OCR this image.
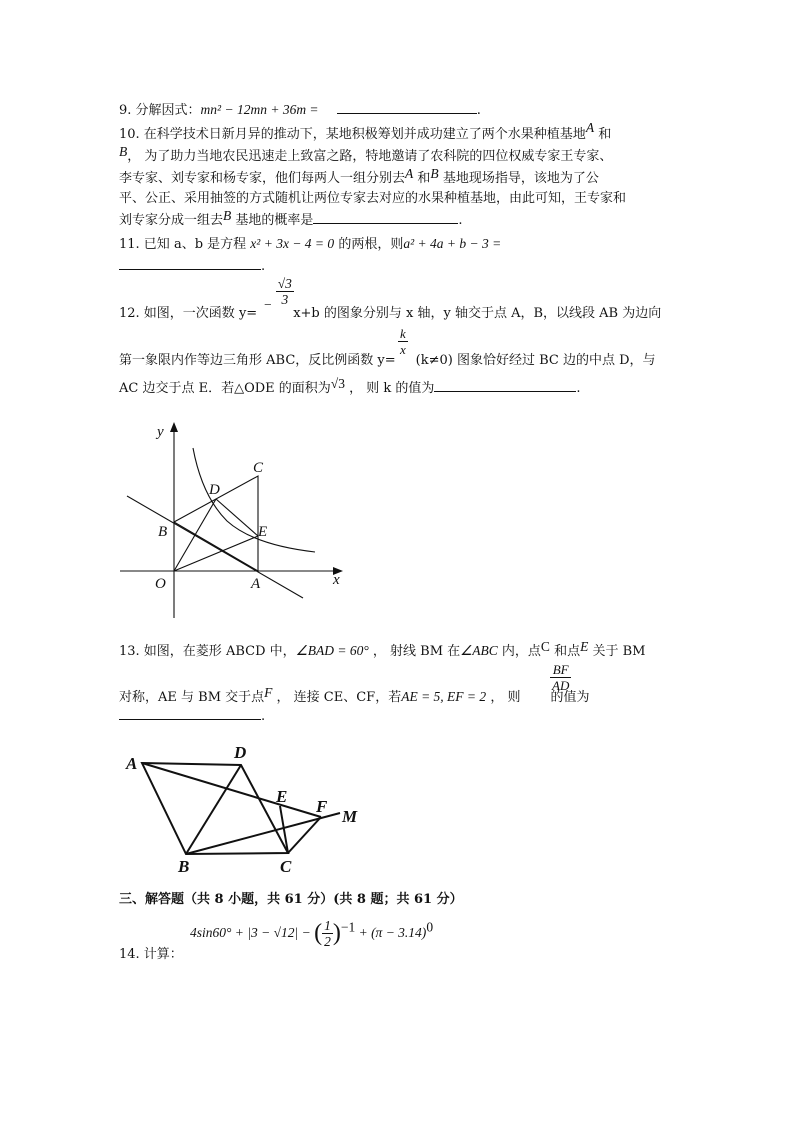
9. 分解因式：mn² − 12mn + 36m =	.
10. 在科学技术日新月异的推动下，某地积极筹划并成功建立了两个水果种植基地A 和
B， 为了助力当地农民迅速走上致富之路，特地邀请了农科院的四位权威专家王专家、
李专家、刘专家和杨专家，他们每两人一组分别去A 和B 基地现场指导，该地为了公
平、公正、采用抽签的方式随机让两位专家去对应的水果种植基地，由此可知，王专家和
刘专家分成一组去B 基地的概率是	.
11. 已知 a、b 是方程 x² + 3x − 4 = 0 的两根，则a² + 4a + b − 3 =
.
− $\frac{√3}{3}$
12. 如图，一次函数 y=	x+b 的图象分别与 x 轴，y 轴交于点 A，B，以线段 AB 为边向
$\frac{k}{x}$
第一象限内作等边三角形 ABC，反比例函数 y= (k≠0) 图象恰好经过 BC 边的中点 D，与
AC 边交于点 E．若△ODE 的面积为√3 ， 则 k 的值为	.
y
x
O	A
B
C
D
E
13. 如图，在菱形 ABCD 中，∠BAD = 60° ， 射线 BM 在∠ABC 内，点C 和点E 关于 BM
$\frac{BF}{AD}$
对称，AE 与 BM 交于点F ， 连接 CE、CF，若AE = 5, EF = 2 ， 则 的值为
.
A
D
E
F
M
B	C
三、解答题（共 8 小题，共 61 分）(共 8 题；共 61 分）
4sin60° + |3 − √12| − ( $\frac{1}{2} )^{-1} + (\pi - 3.14)^0$
14. 计算：
